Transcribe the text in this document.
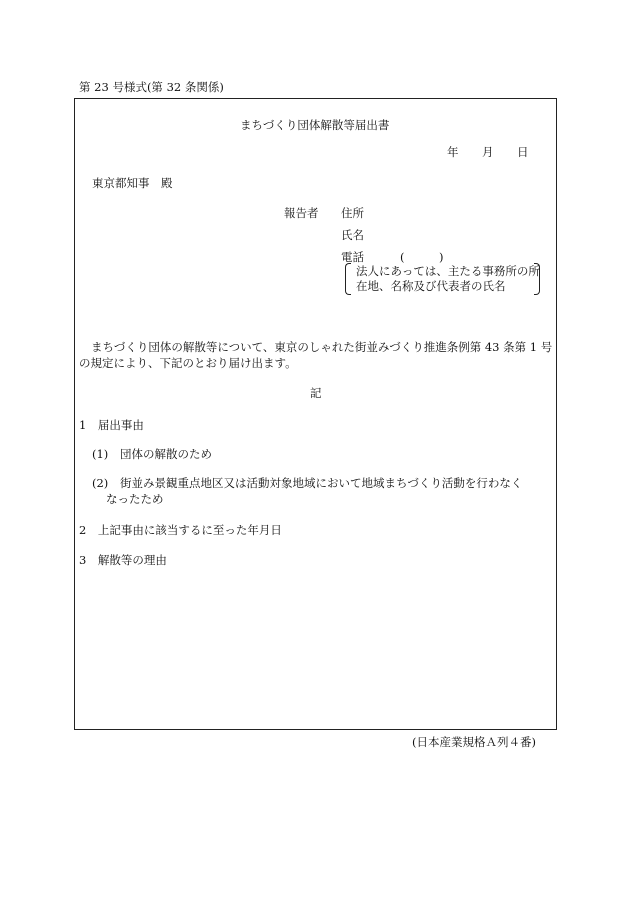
第 23 号様式(第 32 条関係)
まちづくり団体解散等届出書
年 月 日
東京都知事　殿
報告者 住所
氏名
電話	(	)
法人にあっては、主たる事務所の所
在地、名称及び代表者の氏名
まちづくり団体の解散等について、東京のしゃれた街並みづくり推進条例第 43 条第 1 号
の規定により、下記のとおり届け出ます。
記
1　届出事由
(1) 団体の解散のため
(2) 街並み景観重点地区又は活動対象地域において地域まちづくり活動を行わなく
なったため
2　上記事由に該当するに至った年月日
3　解散等の理由
(日本産業規格Ａ列４番)
